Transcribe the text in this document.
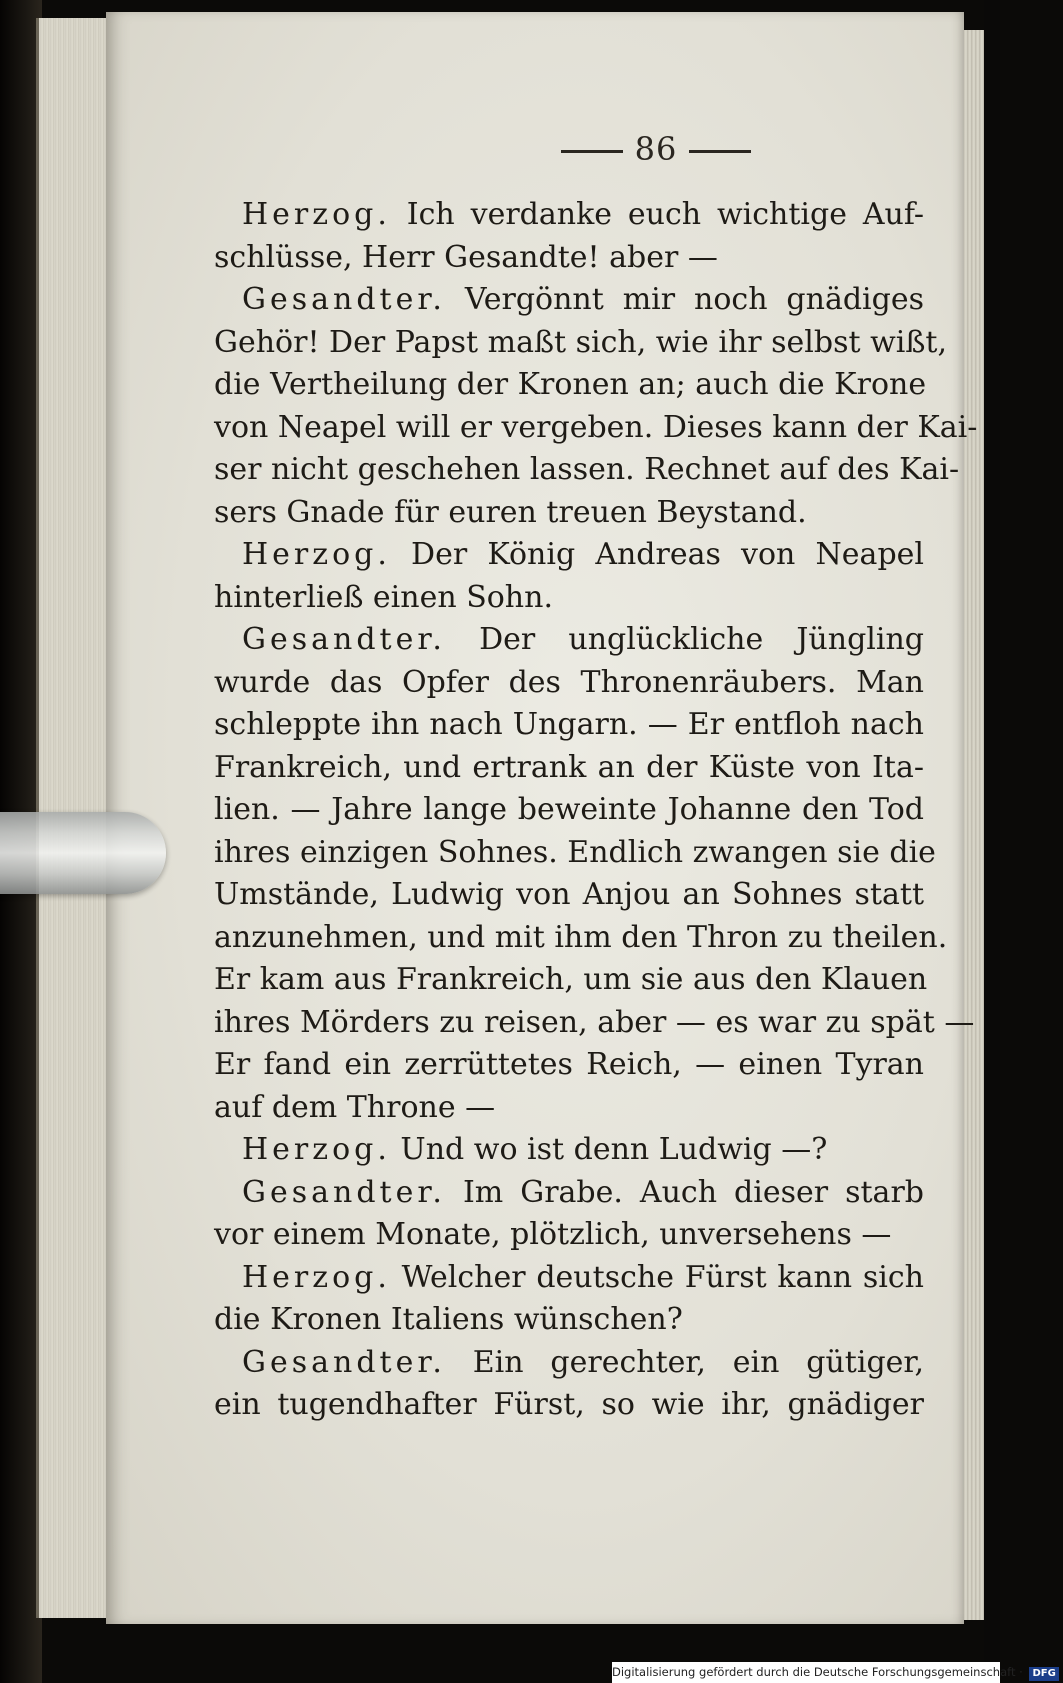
86
Herzog. Ich verdanke euch wichtige Auf-
schlüsse, Herr Gesandte! aber —
Gesandter. Vergönnt mir noch gnädiges
Gehör! Der Papst maßt sich, wie ihr selbst wißt,
die Vertheilung der Kronen an; auch die Krone
von Neapel will er vergeben. Dieses kann der Kai-
ser nicht geschehen lassen. Rechnet auf des Kai-
sers Gnade für euren treuen Beystand.
Herzog. Der König Andreas von Neapel
hinterließ einen Sohn.
Gesandter. Der unglückliche Jüngling
wurde das Opfer des Thronenräubers. Man
schleppte ihn nach Ungarn. — Er entfloh nach
Frankreich, und ertrank an der Küste von Ita-
lien. — Jahre lange beweinte Johanne den Tod
ihres einzigen Sohnes. Endlich zwangen sie die
Umstände, Ludwig von Anjou an Sohnes statt
anzunehmen, und mit ihm den Thron zu theilen.
Er kam aus Frankreich, um sie aus den Klauen
ihres Mörders zu reisen, aber — es war zu spät —
Er fand ein zerrüttetes Reich, — einen Tyran
auf dem Throne —
Herzog. Und wo ist denn Ludwig —?
Gesandter. Im Grabe. Auch dieser starb
vor einem Monate, plötzlich, unversehens —
Herzog. Welcher deutsche Fürst kann sich
die Kronen Italiens wünschen?
Gesandter. Ein gerechter, ein gütiger,
ein tugendhafter Fürst, so wie ihr, gnädiger
Digitalisierung gefördert durch die Deutsche Forschungsgemeinschaft · DFG
